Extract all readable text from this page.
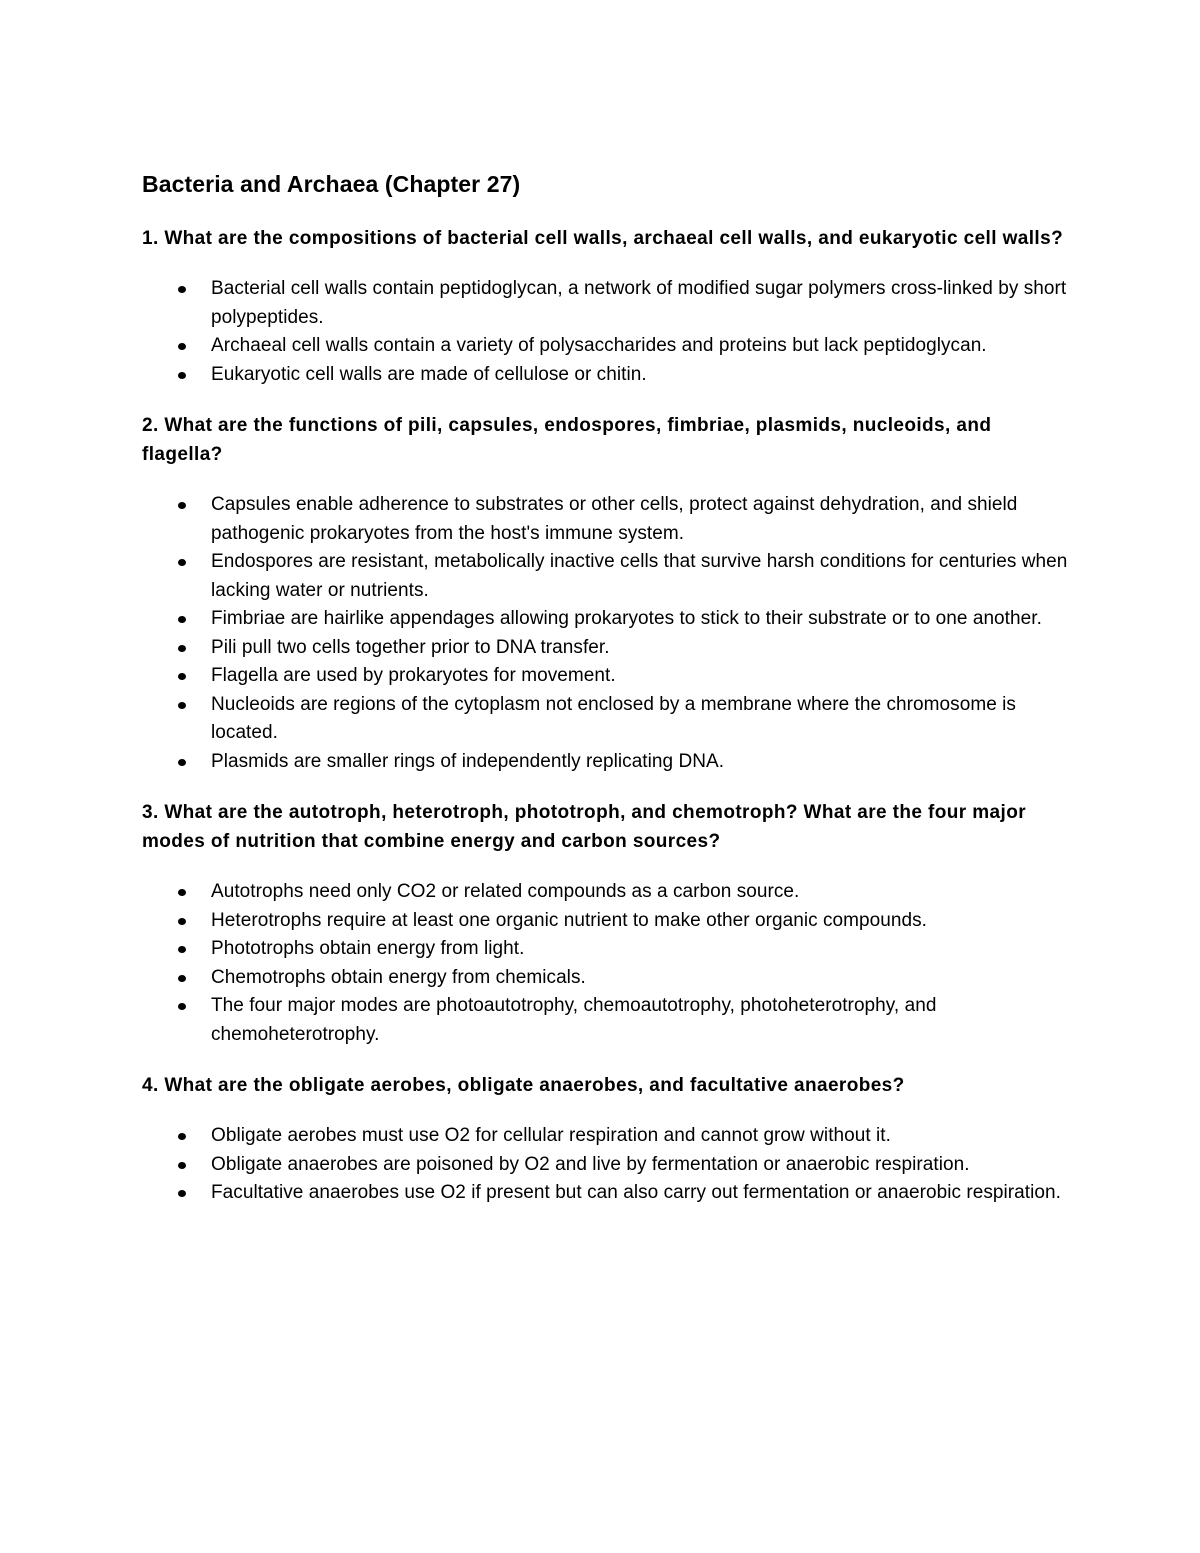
Bacteria and Archaea (Chapter 27)

1. What are the compositions of bacterial cell walls, archaeal cell walls, and eukaryotic cell walls?

Bacterial cell walls contain peptidoglycan, a network of modified sugar polymers cross-linked by short polypeptides.
Archaeal cell walls contain a variety of polysaccharides and proteins but lack peptidoglycan.
Eukaryotic cell walls are made of cellulose or chitin.

2. What are the functions of pili, capsules, endospores, fimbriae, plasmids, nucleoids, and flagella?

Capsules enable adherence to substrates or other cells, protect against dehydration, and shield pathogenic prokaryotes from the host's immune system.
Endospores are resistant, metabolically inactive cells that survive harsh conditions for centuries when lacking water or nutrients.
Fimbriae are hairlike appendages allowing prokaryotes to stick to their substrate or to one another.
Pili pull two cells together prior to DNA transfer.
Flagella are used by prokaryotes for movement.
Nucleoids are regions of the cytoplasm not enclosed by a membrane where the chromosome is located.
Plasmids are smaller rings of independently replicating DNA.

3. What are the autotroph, heterotroph, phototroph, and chemotroph? What are the four major modes of nutrition that combine energy and carbon sources?

Autotrophs need only CO2 or related compounds as a carbon source.
Heterotrophs require at least one organic nutrient to make other organic compounds.
Phototrophs obtain energy from light.
Chemotrophs obtain energy from chemicals.
The four major modes are photoautotrophy, chemoautotrophy, photoheterotrophy, and chemoheterotrophy.

4. What are the obligate aerobes, obligate anaerobes, and facultative anaerobes?

Obligate aerobes must use O2 for cellular respiration and cannot grow without it.
Obligate anaerobes are poisoned by O2 and live by fermentation or anaerobic respiration.
Facultative anaerobes use O2 if present but can also carry out fermentation or anaerobic respiration.
